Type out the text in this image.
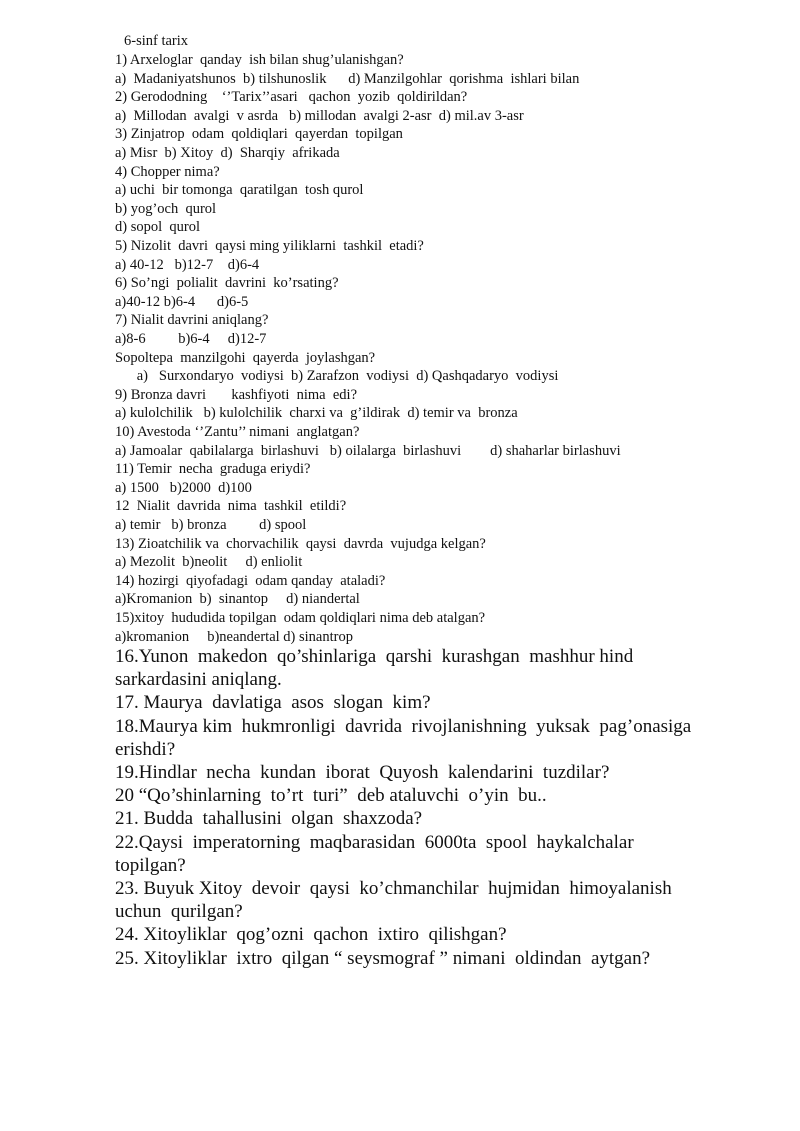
6-sinf tarix

1) Arxeloglar  qanday  ish bilan shug’ulanishgan?

a)  Madaniyatshunos  b) tilshunoslik      d) Manzilgohlar  qorishma  ishlari bilan

2) Gerododning    ‘’Tarix’’asari   qachon  yozib  qoldirildan?

a)  Millodan  avalgi  v asrda   b) millodan  avalgi 2-asr  d) mil.av 3-asr

3) Zinjatrop  odam  qoldiqlari  qayerdan  topilgan

a) Misr  b) Xitoy  d)  Sharqiy  afrikada

4) Chopper nima?

a) uchi  bir tomonga  qaratilgan  tosh qurol

b) yog’och  qurol

d) sopol  qurol

5) Nizolit  davri  qaysi ming yiliklarni  tashkil  etadi?

a) 40-12   b)12-7    d)6-4

6) So’ngi  polialit  davrini  ko’rsating?

a)40-12 b)6-4      d)6-5

7) Nialit davrini aniqlang?

a)8-6         b)6-4     d)12-7

Sopoltepa  manzilgohi  qayerda  joylashgan?

a)   Surxondaryo  vodiysi  b) Zarafzon  vodiysi  d) Qashqadaryo  vodiysi

9) Bronza davri       kashfiyoti  nima  edi?

a) kulolchilik   b) kulolchilik  charxi va  g’ildirak  d) temir va  bronza

10) Avestoda ‘’Zantu’’ nimani  anglatgan?

a) Jamoalar  qabilalarga  birlashuvi   b) oilalarga  birlashuvi        d) shaharlar birlashuvi

11) Temir  necha  graduga eriydi?

a) 1500   b)2000  d)100

12  Nialit  davrida  nima  tashkil  etildi?

a) temir   b) bronza         d) spool

13) Zioatchilik va  chorvachilik  qaysi  davrda  vujudga kelgan?

a) Mezolit  b)neolit     d) enliolit

14) hozirgi  qiyofadagi  odam qanday  ataladi?

a)Kromanion  b)  sinantop     d) niandertal

15)xitoy  hududida topilgan  odam qoldiqlari nima deb atalgan?

a)kromanion     b)neandertal d) sinantrop

16.Yunon  makedon  qo’shinlariga  qarshi  kurashgan  mashhur hind

sarkardasini aniqlang.

17. Maurya  davlatiga  asos  slogan  kim?

18.Maurya kim  hukmronligi  davrida  rivojlanishning  yuksak  pag’onasiga

erishdi?

19.Hindlar  necha  kundan  iborat  Quyosh  kalendarini  tuzdilar?

20 “Qo’shinlarning  to’rt  turi”  deb ataluvchi  o’yin  bu..

21. Budda  tahallusini  olgan  shaxzoda?

22.Qaysi  imperatorning  maqbarasidan  6000ta  spool  haykalchalar

topilgan?

23. Buyuk Xitoy  devoir  qaysi  ko’chmanchilar  hujmidan  himoyalanish

uchun  qurilgan?

24. Xitoyliklar  qog’ozni  qachon  ixtiro  qilishgan?

25. Xitoyliklar  ixtro  qilgan “ seysmograf ” nimani  oldindan  aytgan?
